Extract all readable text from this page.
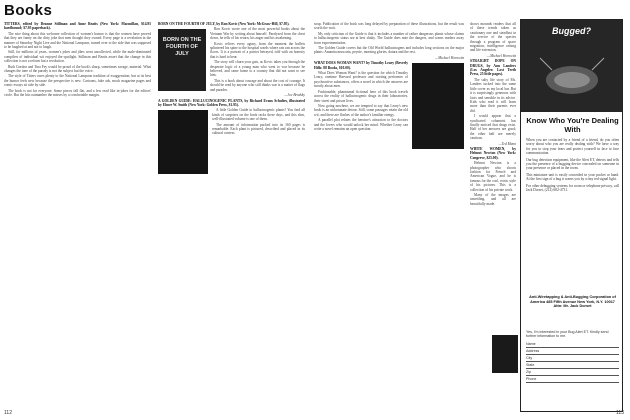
Books

TITTERS, edited by Deanne Stillman and Anne Beatts (New York: Macmillan, $14.95 hardbound; $7.95 paperback).

The nice thing about this welcome collection of women's humor is that the women have proved that they are funny on the dirty joke that men thought they owned. Every page is a revelation in the manner of Saturday Night Live and the National Lampoon, turned over to the side that was supposed to be laughed at and not to laugh.

Still, for millions of years, women's jokes and jibes went uncollected, while the male-dominated compilers of individual wit enjoyed the spotlight. Stillman and Beatts assert that the change in this collection is not a reform but a revolution.

Ruth Gordon and Tina Fey would be proud of the book's sharp, sometimes savage, material. What changes the tone of the parody is not the subject but the voice.

The style of Titters owes plenty to the National Lampoon tradition of exaggeration; but at its best the humor feels new because the perspective is new. Cartoons, fake ads, mock magazine pages and comic essays sit side by side.

The book is not for everyone. Some pieces fall flat, and a few read like in-jokes for the editors' circle. But the hits outnumber the misses by a comfortable margin.

BORN ON THE FOURTH OF JULY, by Ron Kovic (New York: McGraw-Hill, $7.95).

BORN ON THE FOURTH OF JULY

Ron Kovic wrote one of the most powerful books about the Vietnam War by writing about himself. Paralyzed from the chest down, he tells of his return, his anger and his awakening.

Kovic relives every agony, from the moment the bullets splintered his spine to the hospital wards where rats ran across the floors. It is a portrait of a patriot betrayed, told with an honesty that is hard to bear.

The story will churn your guts, as Kovic takes you through the desperate logic of a young man who went to war because he believed, and came home to a country that did not want to see him.

This is a book about courage and about the cost of courage. It should be read by anyone who still thinks war is a matter of flags and parades.

—Joe Brodsky

A GOLDEN GUIDE: HALLUCINOGENIC PLANTS, by Richard Evans Schultes, illustrated by Elmer W. Smith (New York: Golden Press, $1.95).

A little Golden Guide to hallucinogenic plants? You find all kinds of surprises on the book racks these days, and this slim, well-illustrated volume is one of them.

The amount of information packed into its 160 pages is remarkable. Each plant is pictured, described and placed in its cultural context.

soup. Publication of the book was long delayed by preparation of these illustrations, but the result was worth the wait.

My only criticism of the Guide is that it includes a number of rather dangerous plants whose claims to hallucinogenic status are at best shaky. The Guide does note the dangers, and warns readers away from experimentation.

The Golden Guide covers but the Old World hallucinogens and includes long sections on the major plants: Amanita muscaria, peyote, morning glories, datura and the rest.

—Michael Horowitz

WHAT DOES WOMAN WANT? by Timothy Leary (Beverly Hills: 88 Books, $10.00).

What Does Woman Want? is the question for which Timothy Leary, onetime Harvard professor and starting performer of psychoactive substances, offers a novel in which the answers are mostly about men.

Fashionable, phantasmal fictional hero of this book travels across the reality of hallucinogenic drugs in their laboratories, their street and prison lives.

Now going nowhere, we are tempted to say that Leary's new book is an unfortunate detour. Still, some passages retain the old wit, and there are flashes of the author's familiar energy.

A parallel plot relates the heroine's attraction to the doctors and the lovers who would unlock her mind. Whether Leary can write a novel remains an open question.

shows mounds readers that all of these trends taken as cautionary one and steadfast in the service of the species through a program of space migration, intelligence raising and life extension.

—Michael Horowitz

STRAIGHT DOPE ON DRUGS, by Ann Landers (Los Angeles: Lost Teeth Press, 25 little pages).

The salty life story of Ms. Landers tucked into the same little cover as my local bar. But it is surprisingly generous with facts and sensible in its advice. Kids who read it will learn more than their parents ever did.

I would appear that a syndicated columnist has finally noticed that drugs exist. Half of her answers are good; the other half are merely cautious.

—Ted Mann

WHITE WOMEN, by Helmut Newton (New York: Congreve, $25.00).

Helmut Newton is a photographer who shoots fashion for French and American Vogue, and he is famous for the cool, erotic style of his pictures. This is a collection of his private work.

Many of the images are unsettling, and all are beautifully made.

Bugged?
Know Who You're Dealing With

When you are contacted by a friend of a friend, do you often worry about who you are really dealing with? We have a way for you to stop your fears and protect yourself in face to face communication.

Our bug detection equipment, like the Alert ET, detects and tells you the presence of a bugging device concealed on someone in your presence or placed in the room.

This miniature unit is easily concealed in your pocket or hand. At the first sign of a bug it warns you by a tiny red signal light.

For other debugging systems for room or telephone privacy, call Jack Dorset, (212) 682-4731.

Anti-Wiretapping & Anti-Bugging Corporation of America 485 Fifth Avenue New York, N.Y. 10017 Attn: Mr. Jack Dorset
Yes, I'm interested in your Bug Alert ET. Kindly send further information to me.
Name
Address
City
State
Zip
Phone
112	113
